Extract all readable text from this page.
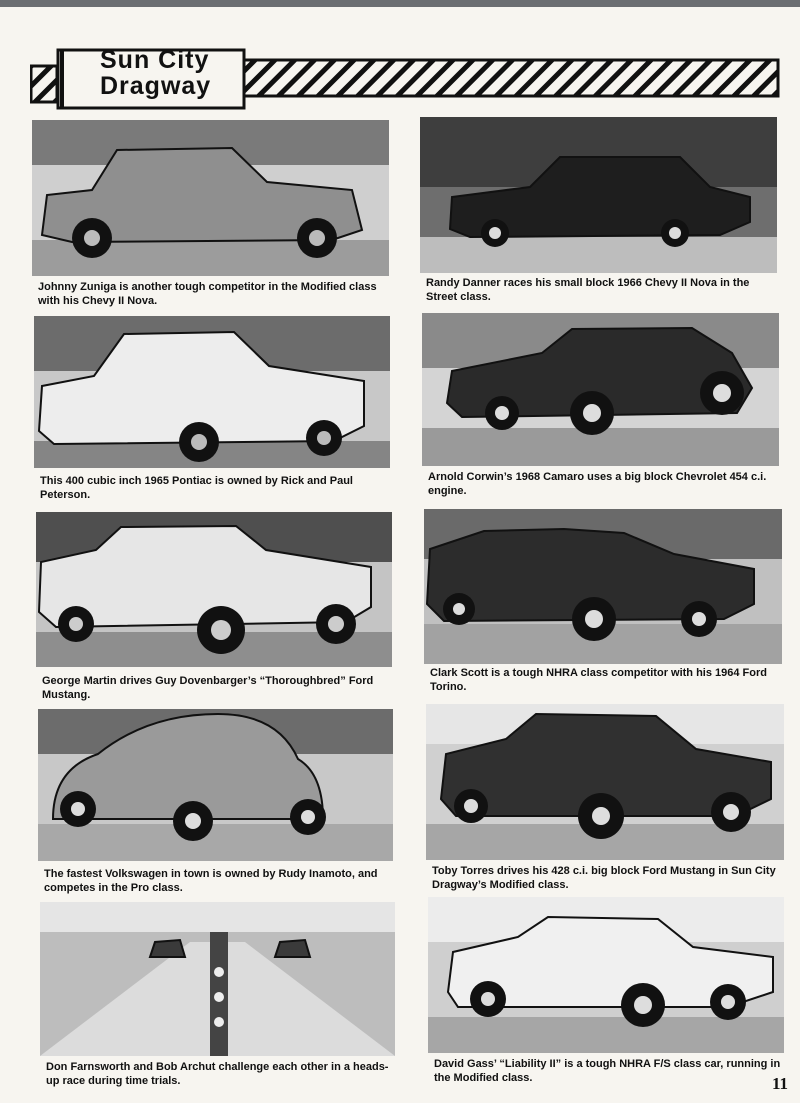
Sun City
Dragway
Johnny Zuniga is another tough competitor in the Modified class with his Chevy II Nova.
Randy Danner races his small block 1966 Chevy II Nova in the Street class.
This 400 cubic inch 1965 Pontiac is owned by Rick and Paul Peterson.
Arnold Corwin’s 1968 Camaro uses a big block Chevrolet 454 c.i. engine.
George Martin drives Guy Dovenbarger’s “Thoroughbred” Ford Mustang.
Clark Scott is a tough NHRA class competitor with his 1964 Ford Torino.
The fastest Volkswagen in town is owned by Rudy Inamoto, and competes in the Pro class.
Toby Torres drives his 428 c.i. big block Ford Mustang in Sun City Dragway’s Modified class.
Don Farnsworth and Bob Archut challenge each other in a heads-up race during time trials.
David Gass’ “Liability II” is a tough NHRA F/S class car, running in the Modified class.	11
